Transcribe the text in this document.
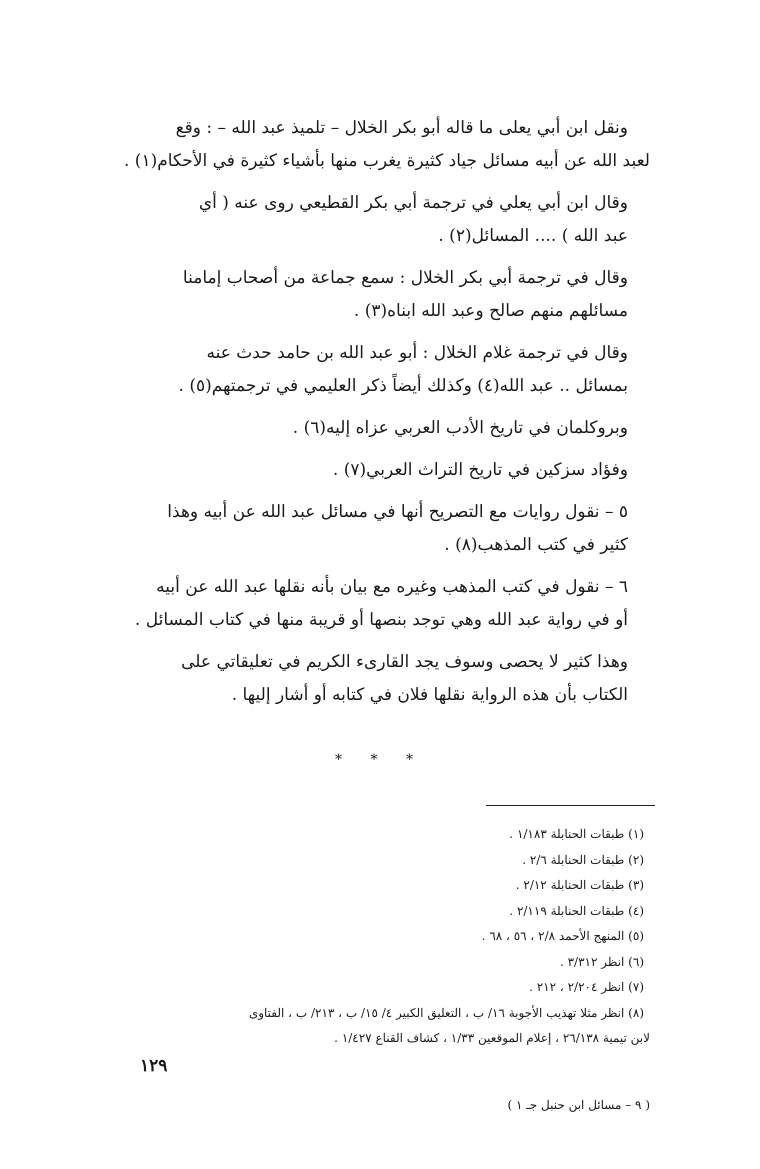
ونقل ابن أبي يعلى ما قاله أبو بكر الخلال – تلميذ عبد الله – : وقع
لعبد الله عن أبيه مسائل جياد كثيرة يغرب منها بأشياء كثيرة في الأحكام(١) .

وقال ابن أبي يعلي في ترجمة أبي بكر القطيعي روى عنه ( أي
عبد الله ) .... المسائل(٢) .

وقال في ترجمة أبي بكر الخلال : سمع جماعة من أصحاب إمامنا
مسائلهم منهم صالح وعبد الله ابناه(٣) .

وقال في ترجمة غلام الخلال : أبو عبد الله بن حامد حدث عنه
بمسائل .. عبد الله(٤) وكذلك أيضاً ذكر العليمي في ترجمتهم(٥) .

وبروكلمان في تاريخ الأدب العربي عزاه إليه(٦) .

وفؤاد سزكين في تاريخ التراث العربي(٧) .

٥ – نقول روايات مع التصريح أنها في مسائل عبد الله عن أبيه وهذا
كثير في كتب المذهب(٨) .

٦ – نقول في كتب المذهب وغيره مع بيان بأنه نقلها عبد الله عن أبيه
أو في رواية عبد الله وهي توجد بنصها أو قريبة منها في كتاب المسائل .

وهذا كثير لا يحصى وسوف يجد القارىء الكريم في تعليقاتي على
الكتاب بأن هذه الرواية نقلها فلان في كتابه أو أشار إليها .

* * *

(١) طبقات الحنابلة ١/١٨٣ .

(٢) طبقات الحنابلة ٢/٦ .

(٣) طبقات الحنابلة ٢/١٢ .

(٤) طبقات الحنابلة ٢/١١٩ .

(٥) المنهج الأحمد ٢/٨ ، ٥٦ ، ٦٨ .

(٦) انظر ٣/٣١٢ .

(٧) انظر ٢/٢٠٤ ، ٢١٢ .

(٨) انظر مثلا تهذيب الأجوبة ١٦/ ب ، التعليق الكبير ٤/ ١٥/ ب ، ٢١٣/ ب ، الفتاوى

لابن تيمية ٢٦/١٣٨ ، إعلام الموقعين ١/٣٣ ، كشاف القناع ١/٤٢٧ .

١٢٩
( ٩ – مسائل ابن حنبل جـ ١ )
